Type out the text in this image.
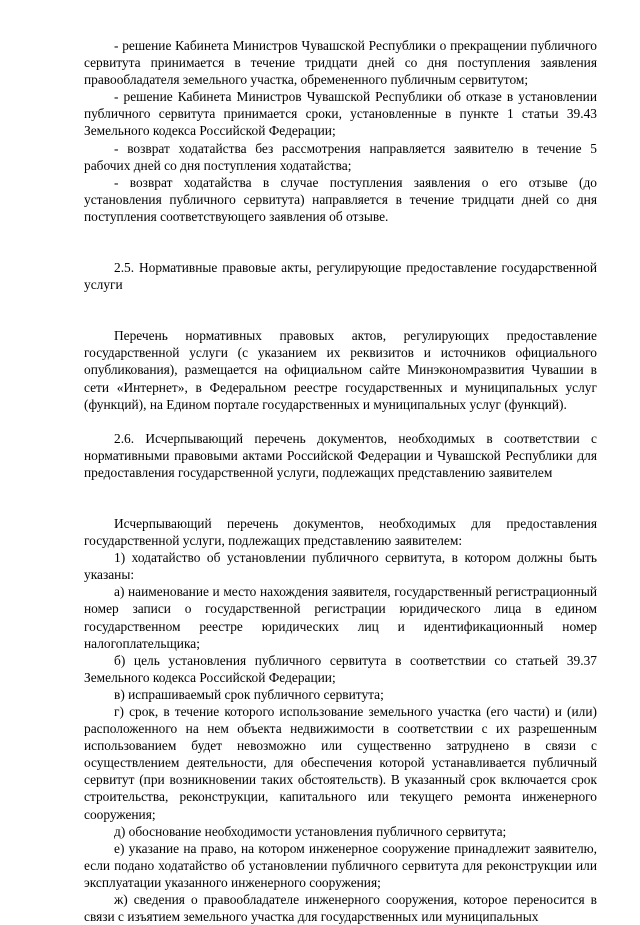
- решение Кабинета Министров Чувашской Республики о прекращении публичного сервитута принимается в течение тридцати дней со дня поступления заявления правообладателя земельного участка, обремененного публичным сервитутом;

- решение Кабинета Министров Чувашской Республики об отказе в установлении публичного сервитута принимается сроки, установленные в пункте 1 статьи 39.43 Земельного кодекса Российской Федерации;

- возврат ходатайства без рассмотрения направляется заявителю в течение 5 рабочих дней со дня поступления ходатайства;

- возврат ходатайства в случае поступления заявления о его отзыве (до установления публичного сервитута) направляется в течение тридцати дней со дня поступления соответствующего заявления об отзыве.

2.5. Нормативные правовые акты, регулирующие предоставление государственной услуги

Перечень нормативных правовых актов, регулирующих предоставление государственной услуги (с указанием их реквизитов и источников официального опубликования), размещается на официальном сайте Минэкономразвития Чувашии в сети «Интернет», в Федеральном реестре государственных и муниципальных услуг (функций), на Едином портале государственных и муниципальных услуг (функций).

2.6. Исчерпывающий перечень документов, необходимых в соответствии с нормативными правовыми актами Российской Федерации и Чувашской Республики для предоставления государственной услуги, подлежащих представлению заявителем

Исчерпывающий перечень документов, необходимых для предоставления государственной услуги, подлежащих представлению заявителем:

1) ходатайство об установлении публичного сервитута, в котором должны быть указаны:

а) наименование и место нахождения заявителя, государственный регистрационный номер записи о государственной регистрации юридического лица в едином государственном реестре юридических лиц и идентификационный номер налогоплательщика;

б) цель установления публичного сервитута в соответствии со статьей 39.37 Земельного кодекса Российской Федерации;

в) испрашиваемый срок публичного сервитута;

г) срок, в течение которого использование земельного участка (его части) и (или) расположенного на нем объекта недвижимости в соответствии с их разрешенным использованием будет невозможно или существенно затруднено в связи с осуществлением деятельности, для обеспечения которой устанавливается публичный сервитут (при возникновении таких обстоятельств). В указанный срок включается срок строительства, реконструкции, капитального или текущего ремонта инженерного сооружения;

д) обоснование необходимости установления публичного сервитута;

е) указание на право, на котором инженерное сооружение принадлежит заявителю, если подано ходатайство об установлении публичного сервитута для реконструкции или эксплуатации указанного инженерного сооружения;

ж) сведения о правообладателе инженерного сооружения, которое переносится в связи с изъятием земельного участка для государственных или муниципальных
